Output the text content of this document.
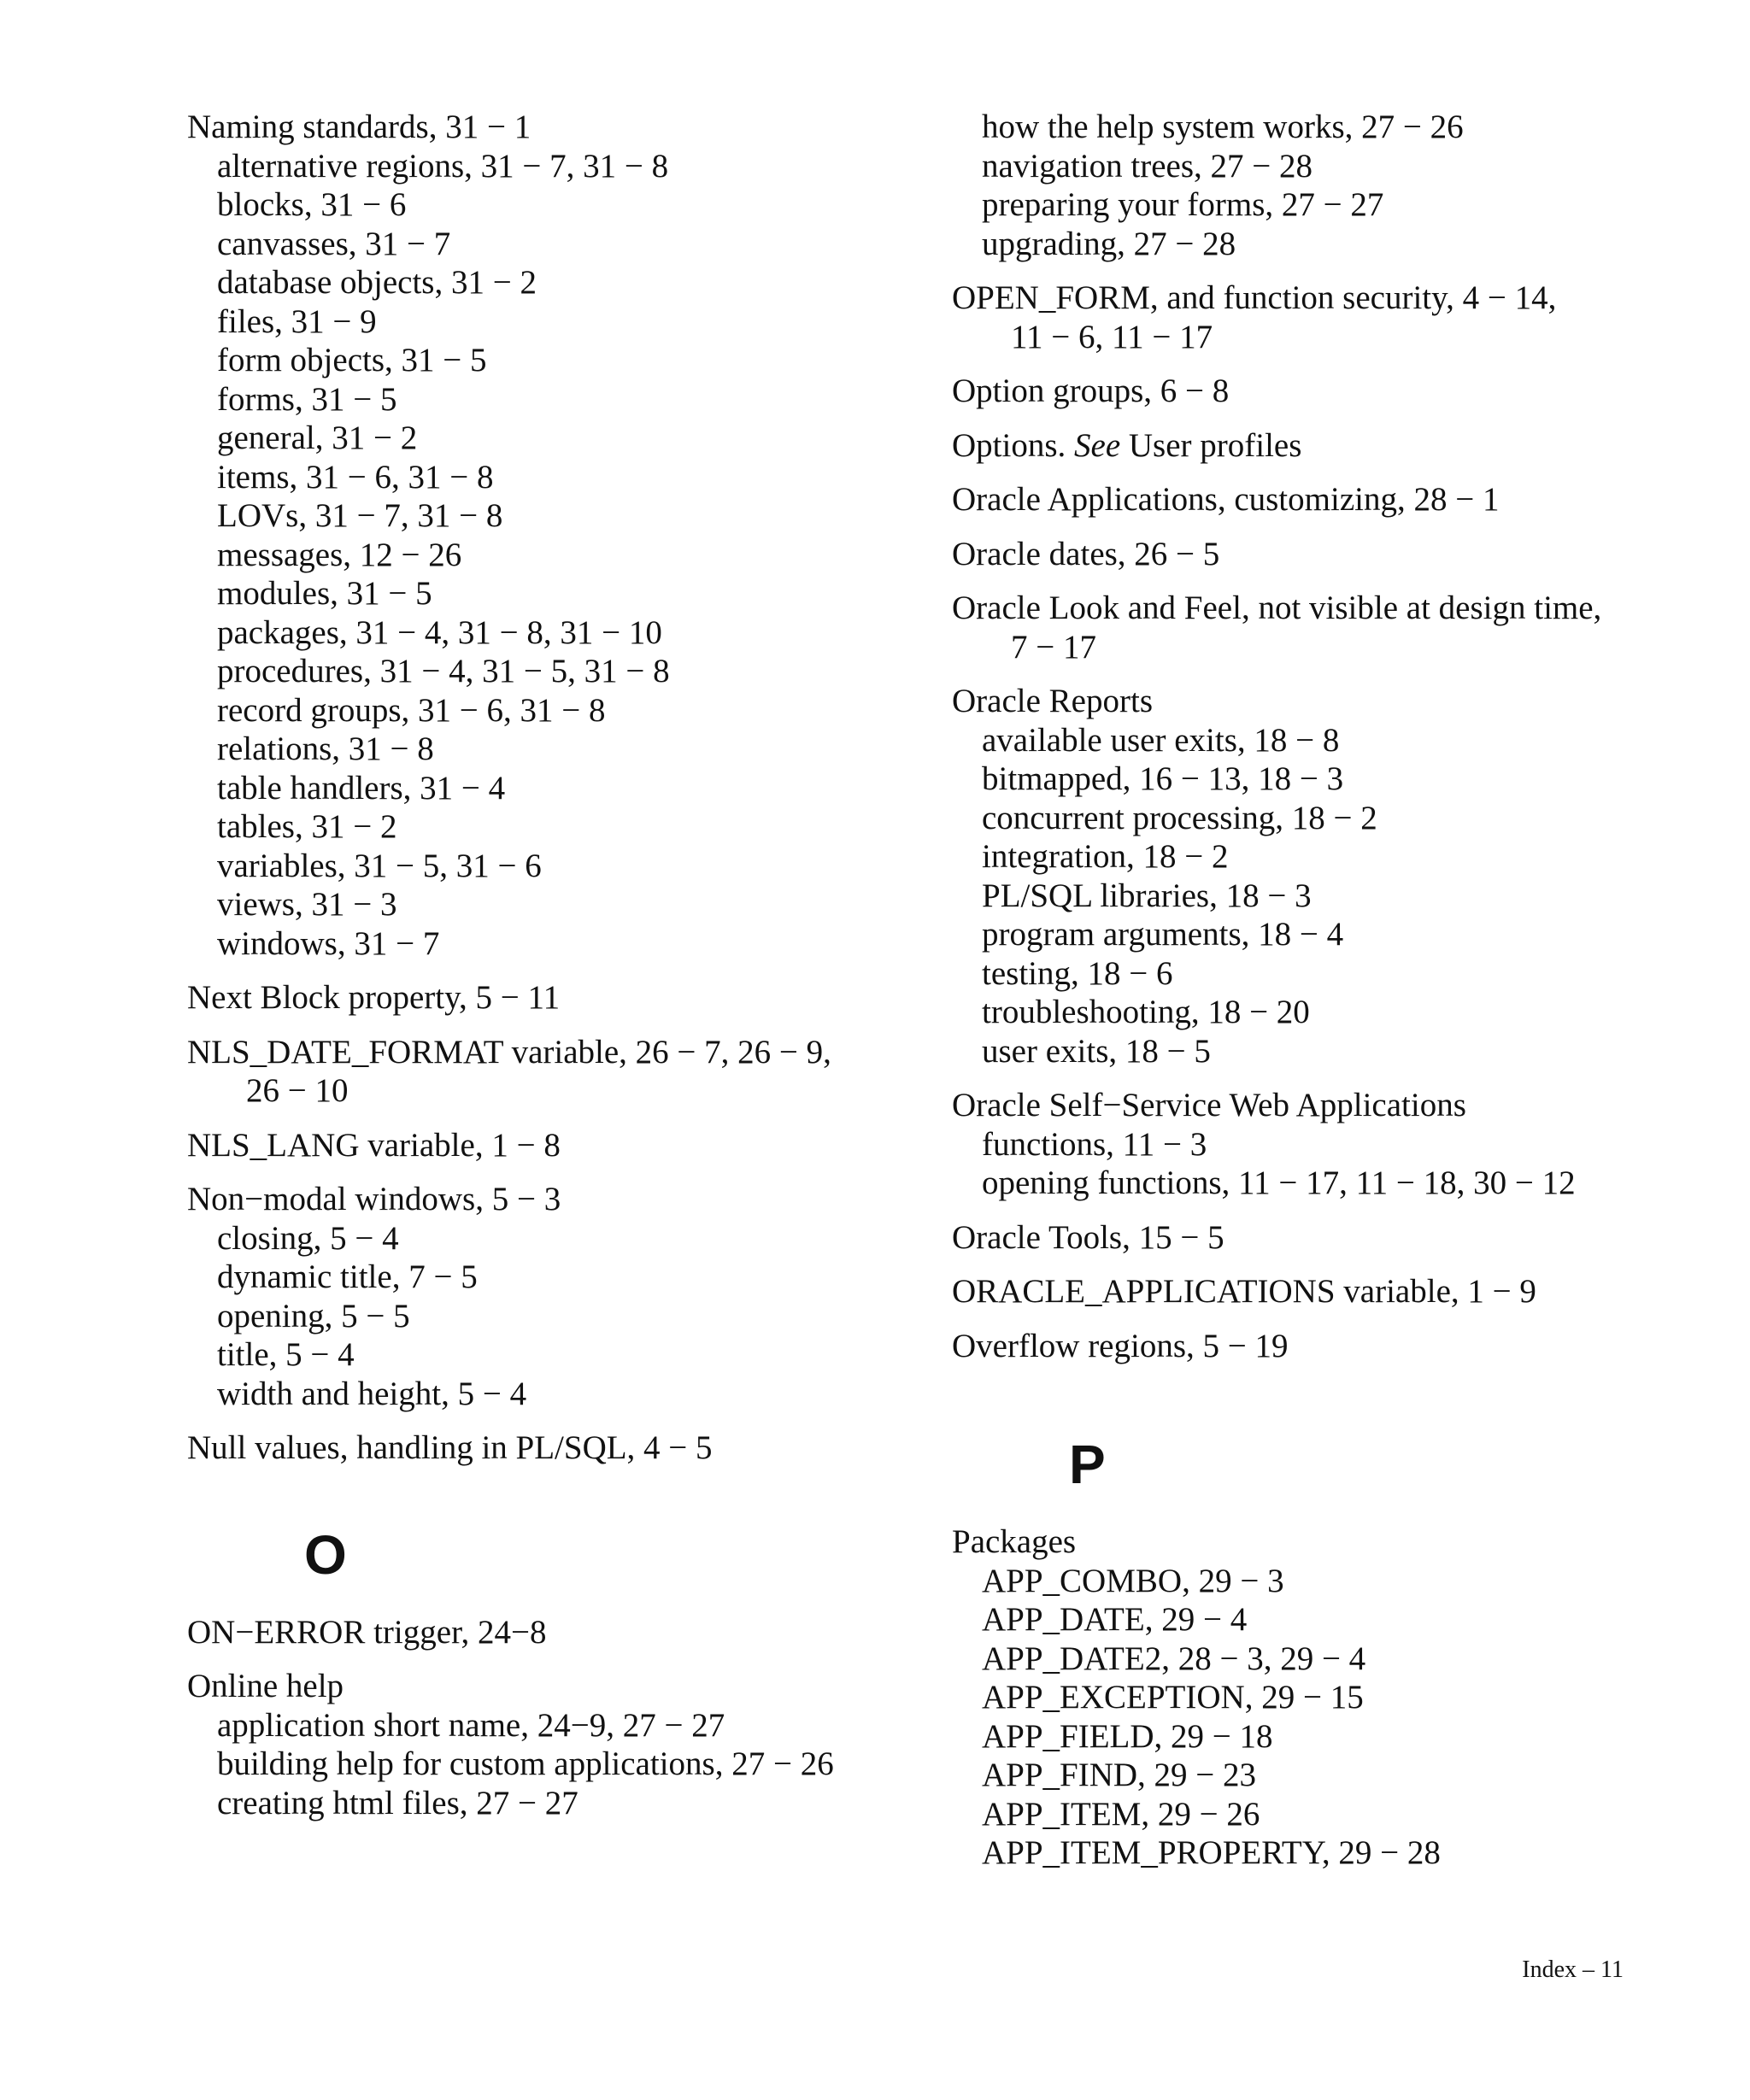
Naming standards, 31 − 1
alternative regions, 31 − 7, 31 − 8
blocks, 31 − 6
canvasses, 31 − 7
database objects, 31 − 2
files, 31 − 9
form objects, 31 − 5
forms, 31 − 5
general, 31 − 2
items, 31 − 6, 31 − 8
LOVs, 31 − 7, 31 − 8
messages, 12 − 26
modules, 31 − 5
packages, 31 − 4, 31 − 8, 31 − 10
procedures, 31 − 4, 31 − 5, 31 − 8
record groups, 31 − 6, 31 − 8
relations, 31 − 8
table handlers, 31 − 4
tables, 31 − 2
variables, 31 − 5, 31 − 6
views, 31 − 3
windows, 31 − 7
Next Block property, 5 − 11
NLS_DATE_FORMAT variable, 26 − 7, 26 − 9,
26 − 10
NLS_LANG variable, 1 − 8
Non−modal windows, 5 − 3
closing, 5 − 4
dynamic title, 7 − 5
opening, 5 − 5
title, 5 − 4
width and height, 5 − 4
Null values, handling in PL/SQL, 4 − 5
O
ON−ERROR trigger, 24−8
Online help
application short name, 24−9, 27 − 27
building help for custom applications, 27 − 26
creating html files, 27 − 27
how the help system works, 27 − 26
navigation trees, 27 − 28
preparing your forms, 27 − 27
upgrading, 27 − 28
OPEN_FORM, and function security, 4 − 14,
11 − 6, 11 − 17
Option groups, 6 − 8
Options. See User profiles
Oracle Applications, customizing, 28 − 1
Oracle dates, 26 − 5
Oracle Look and Feel, not visible at design time,
7 − 17
Oracle Reports
available user exits, 18 − 8
bitmapped, 16 − 13, 18 − 3
concurrent processing, 18 − 2
integration, 18 − 2
PL/SQL libraries, 18 − 3
program arguments, 18 − 4
testing, 18 − 6
troubleshooting, 18 − 20
user exits, 18 − 5
Oracle Self−Service Web Applications
functions, 11 − 3
opening functions, 11 − 17, 11 − 18, 30 − 12
Oracle Tools, 15 − 5
ORACLE_APPLICATIONS variable, 1 − 9
Overflow regions, 5 − 19
P
Packages
APP_COMBO, 29 − 3
APP_DATE, 29 − 4
APP_DATE2, 28 − 3, 29 − 4
APP_EXCEPTION, 29 − 15
APP_FIELD, 29 − 18
APP_FIND, 29 − 23
APP_ITEM, 29 − 26
APP_ITEM_PROPERTY, 29 − 28
Index – 11
